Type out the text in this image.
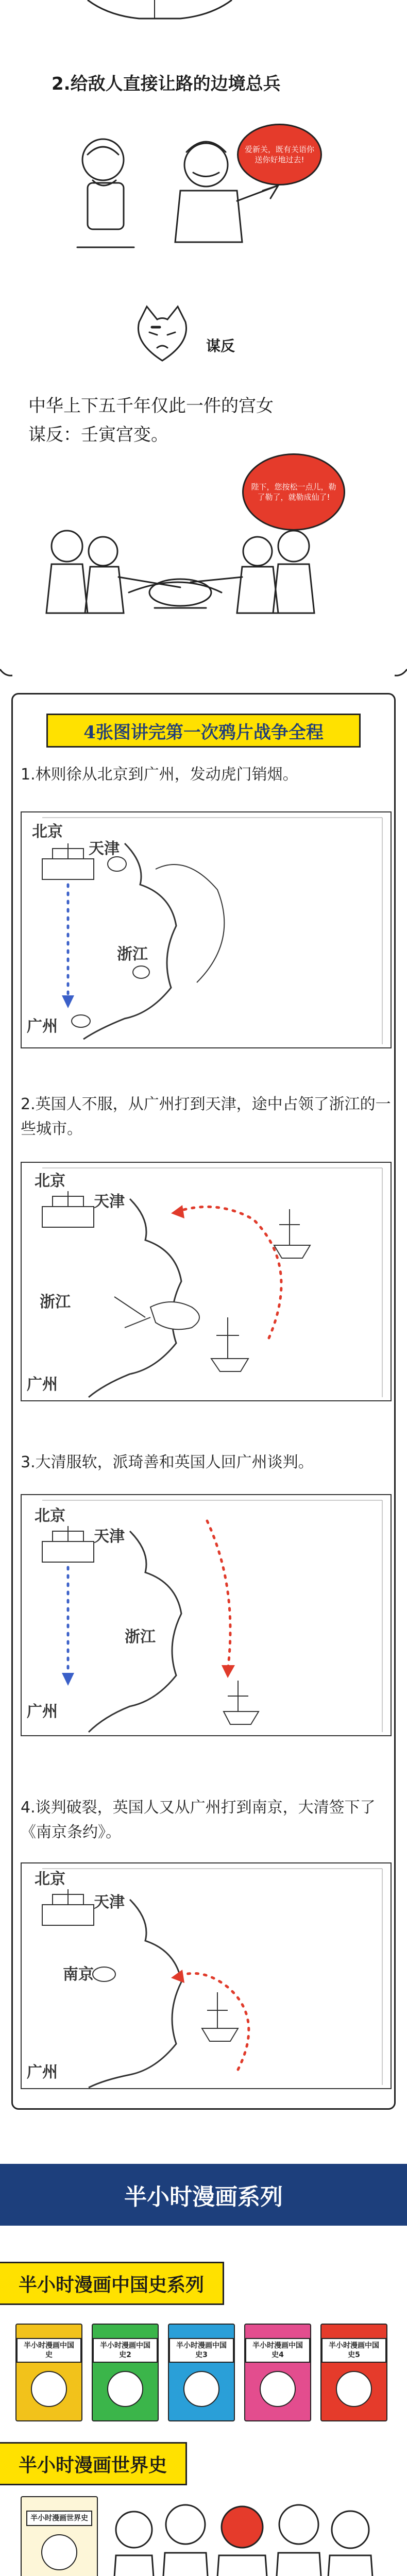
2.给敌人直接让路的边境总兵
爱新关，既有关语你送你好地过去!
谋反
中华上下五千年仅此一件的宫女
谋反：壬寅宫变。
陛下，您按松一点儿，勒了勒了，就勒成仙了!
4张图讲完第一次鸦片战争全程
1.林则徐从北京到广州，发动虎门销烟。
北京
天津
浙江
广州
2.英国人不服，从广州打到天津，途中占领了浙江的一些城市。
北京
天津
浙江
广州
3.大清服软，派琦善和英国人回广州谈判。
北京
天津
浙江
广州
4.谈判破裂，英国人又从广州打到南京，大清签下了《南京条约》。
北京
天津
南京
广州
半小时漫画系列
半小时漫画中国史系列
半小时漫画中国史
半小时漫画中国史2
半小时漫画中国史3
半小时漫画中国史4
半小时漫画中国史5
半小时漫画世界史
半小时漫画世界史
